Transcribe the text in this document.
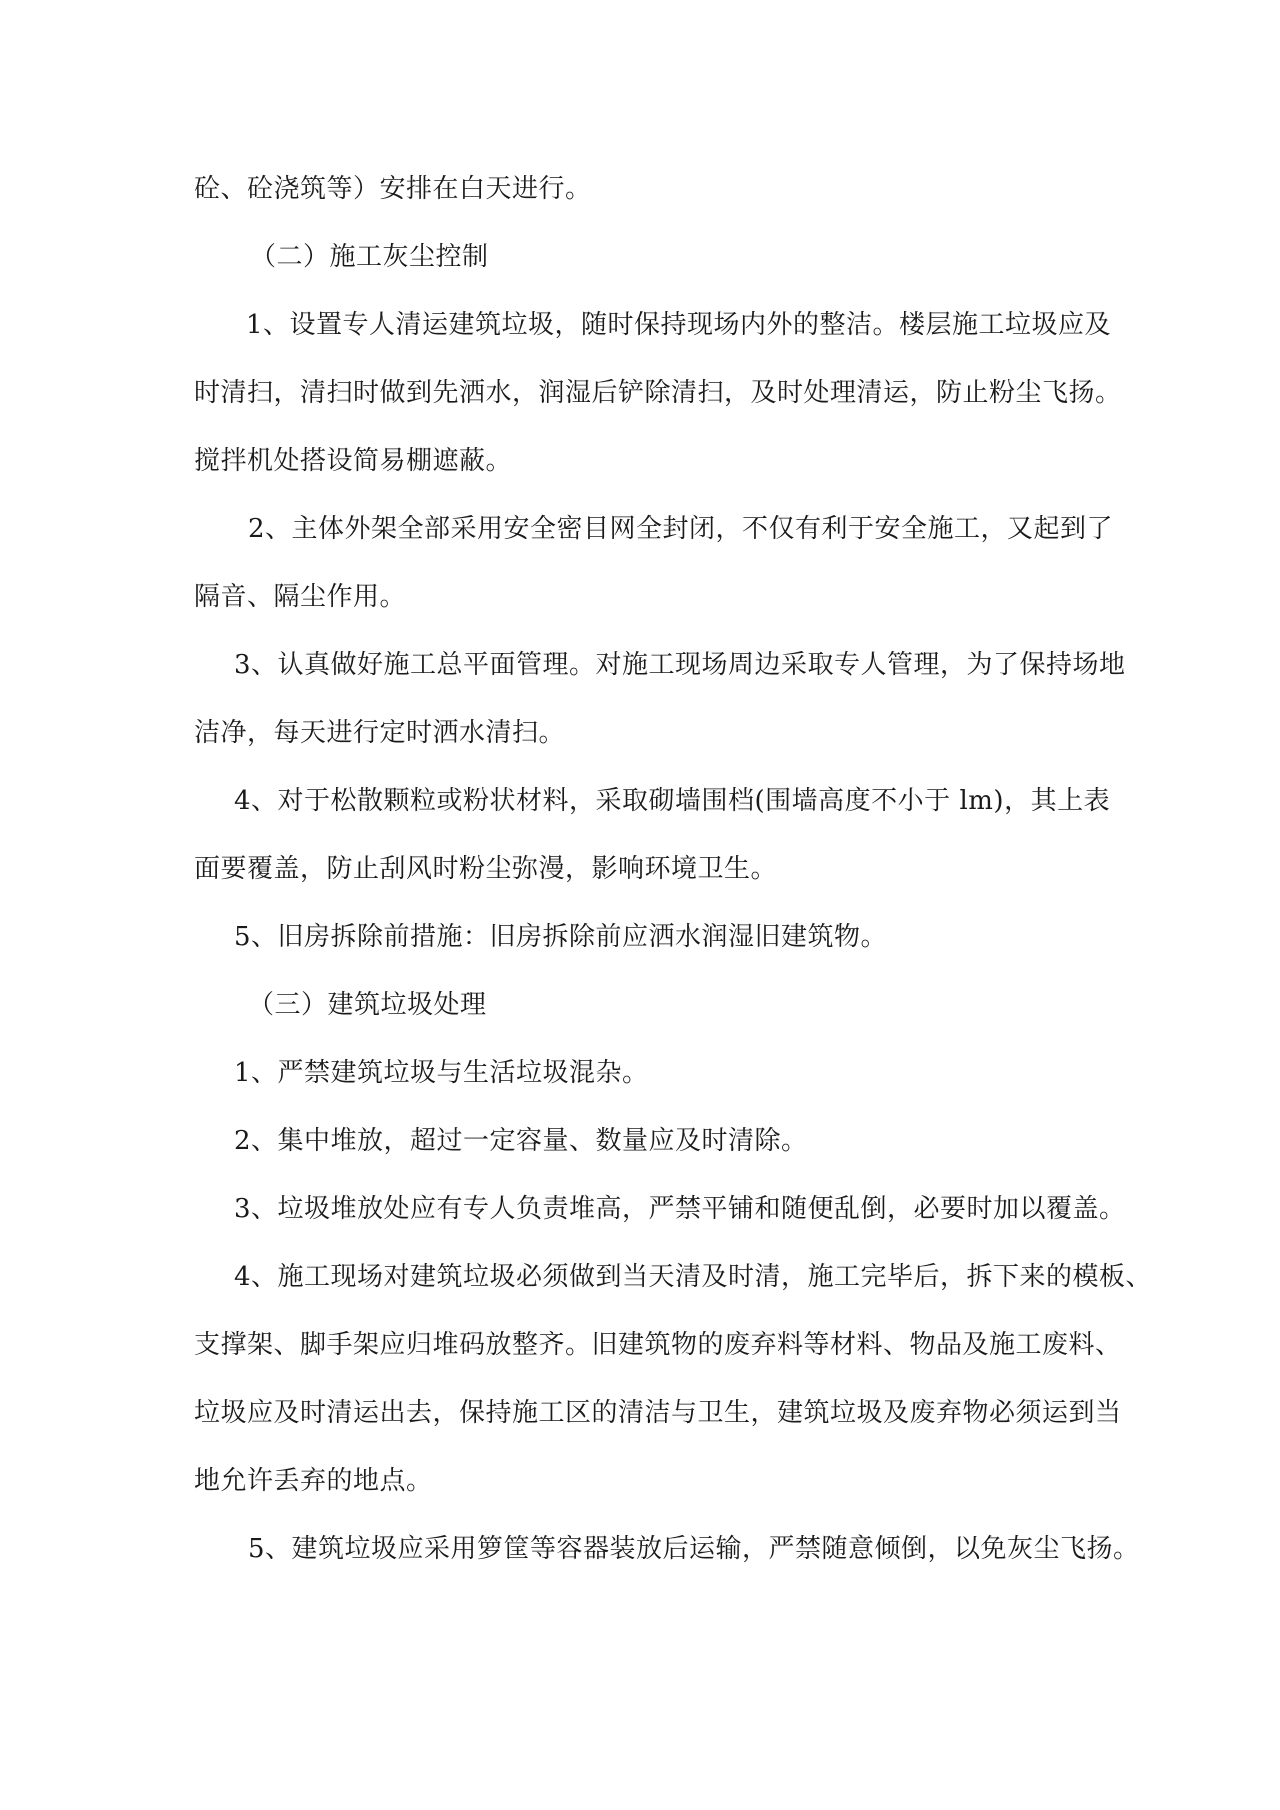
砼、砼浇筑等）安排在白天进行。
（二）施工灰尘控制
1、设置专人清运建筑垃圾，随时保持现场内外的整洁。楼层施工垃圾应及
时清扫，清扫时做到先洒水，润湿后铲除清扫，及时处理清运，防止粉尘飞扬。
搅拌机处搭设简易棚遮蔽。
2、主体外架全部采用安全密目网全封闭，不仅有利于安全施工，又起到了
隔音、隔尘作用。
3、认真做好施工总平面管理。对施工现场周边采取专人管理，为了保持场地
洁净，每天进行定时洒水清扫。
4、对于松散颗粒或粉状材料，采取砌墙围档(围墙高度不小于 lm)，其上表
面要覆盖，防止刮风时粉尘弥漫，影响环境卫生。
5、旧房拆除前措施：旧房拆除前应洒水润湿旧建筑物。
（三）建筑垃圾处理
1、严禁建筑垃圾与生活垃圾混杂。
2、集中堆放，超过一定容量、数量应及时清除。
3、垃圾堆放处应有专人负责堆高，严禁平铺和随便乱倒，必要时加以覆盖。
4、施工现场对建筑垃圾必须做到当天清及时清，施工完毕后，拆下来的模板、
支撑架、脚手架应归堆码放整齐。旧建筑物的废弃料等材料、物品及施工废料、
垃圾应及时清运出去，保持施工区的清洁与卫生，建筑垃圾及废弃物必须运到当
地允许丢弃的地点。
5、建筑垃圾应采用箩筐等容器装放后运输，严禁随意倾倒，以免灰尘飞扬。
